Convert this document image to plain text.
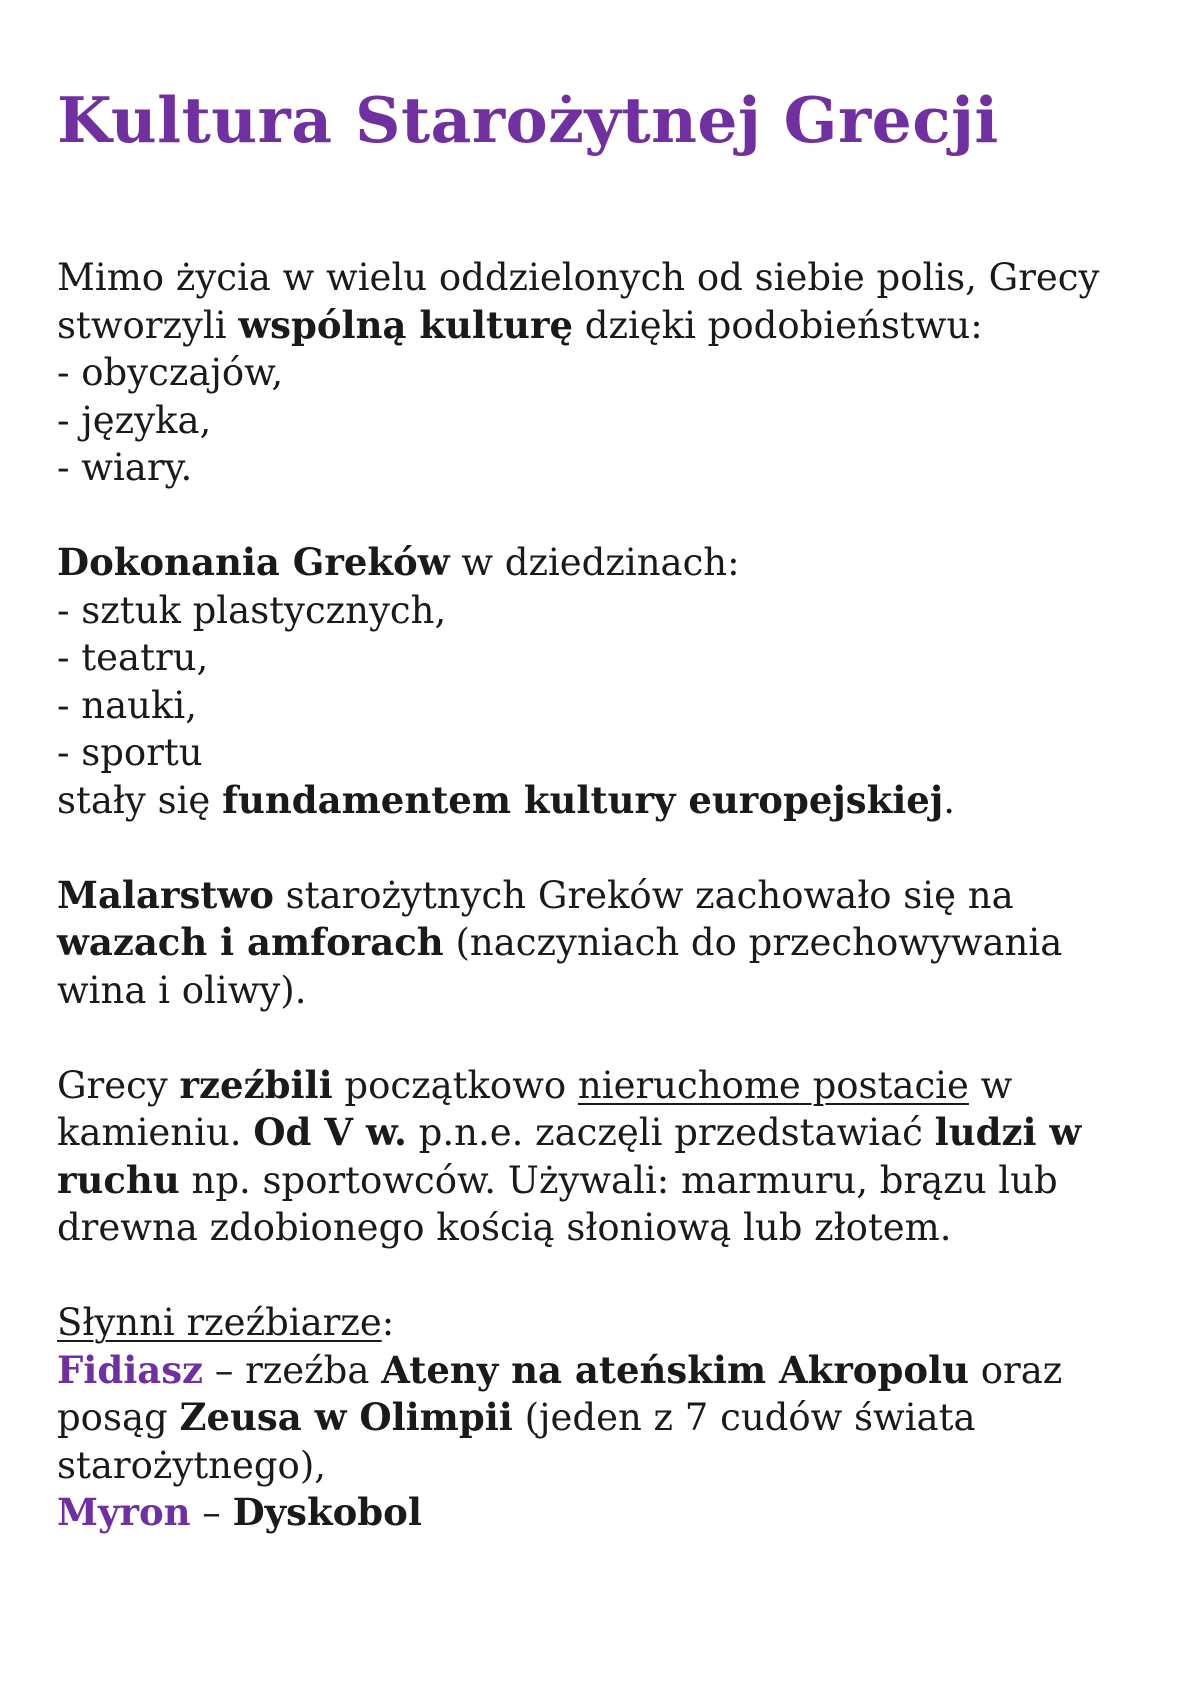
Kultura Starożytnej Grecji
Mimo życia w wielu oddzielonych od siebie polis, Grecy
stworzyli wspólną kulturę dzięki podobieństwu:
- obyczajów,
- języka,
- wiary.
Dokonania Greków w dziedzinach:
- sztuk plastycznych,
- teatru,
- nauki,
- sportu
stały się fundamentem kultury europejskiej.
Malarstwo starożytnych Greków zachowało się na
wazach i amforach (naczyniach do przechowywania
wina i oliwy).
Grecy rzeźbili początkowo nieruchome postacie w
kamieniu. Od V w. p.n.e. zaczęli przedstawiać ludzi w
ruchu np. sportowców. Używali: marmuru, brązu lub
drewna zdobionego kością słoniową lub złotem.
Słynni rzeźbiarze:
Fidiasz – rzeźba Ateny na ateńskim Akropolu oraz
posąg Zeusa w Olimpii (jeden z 7 cudów świata
starożytnego),
Myron – Dyskobol
